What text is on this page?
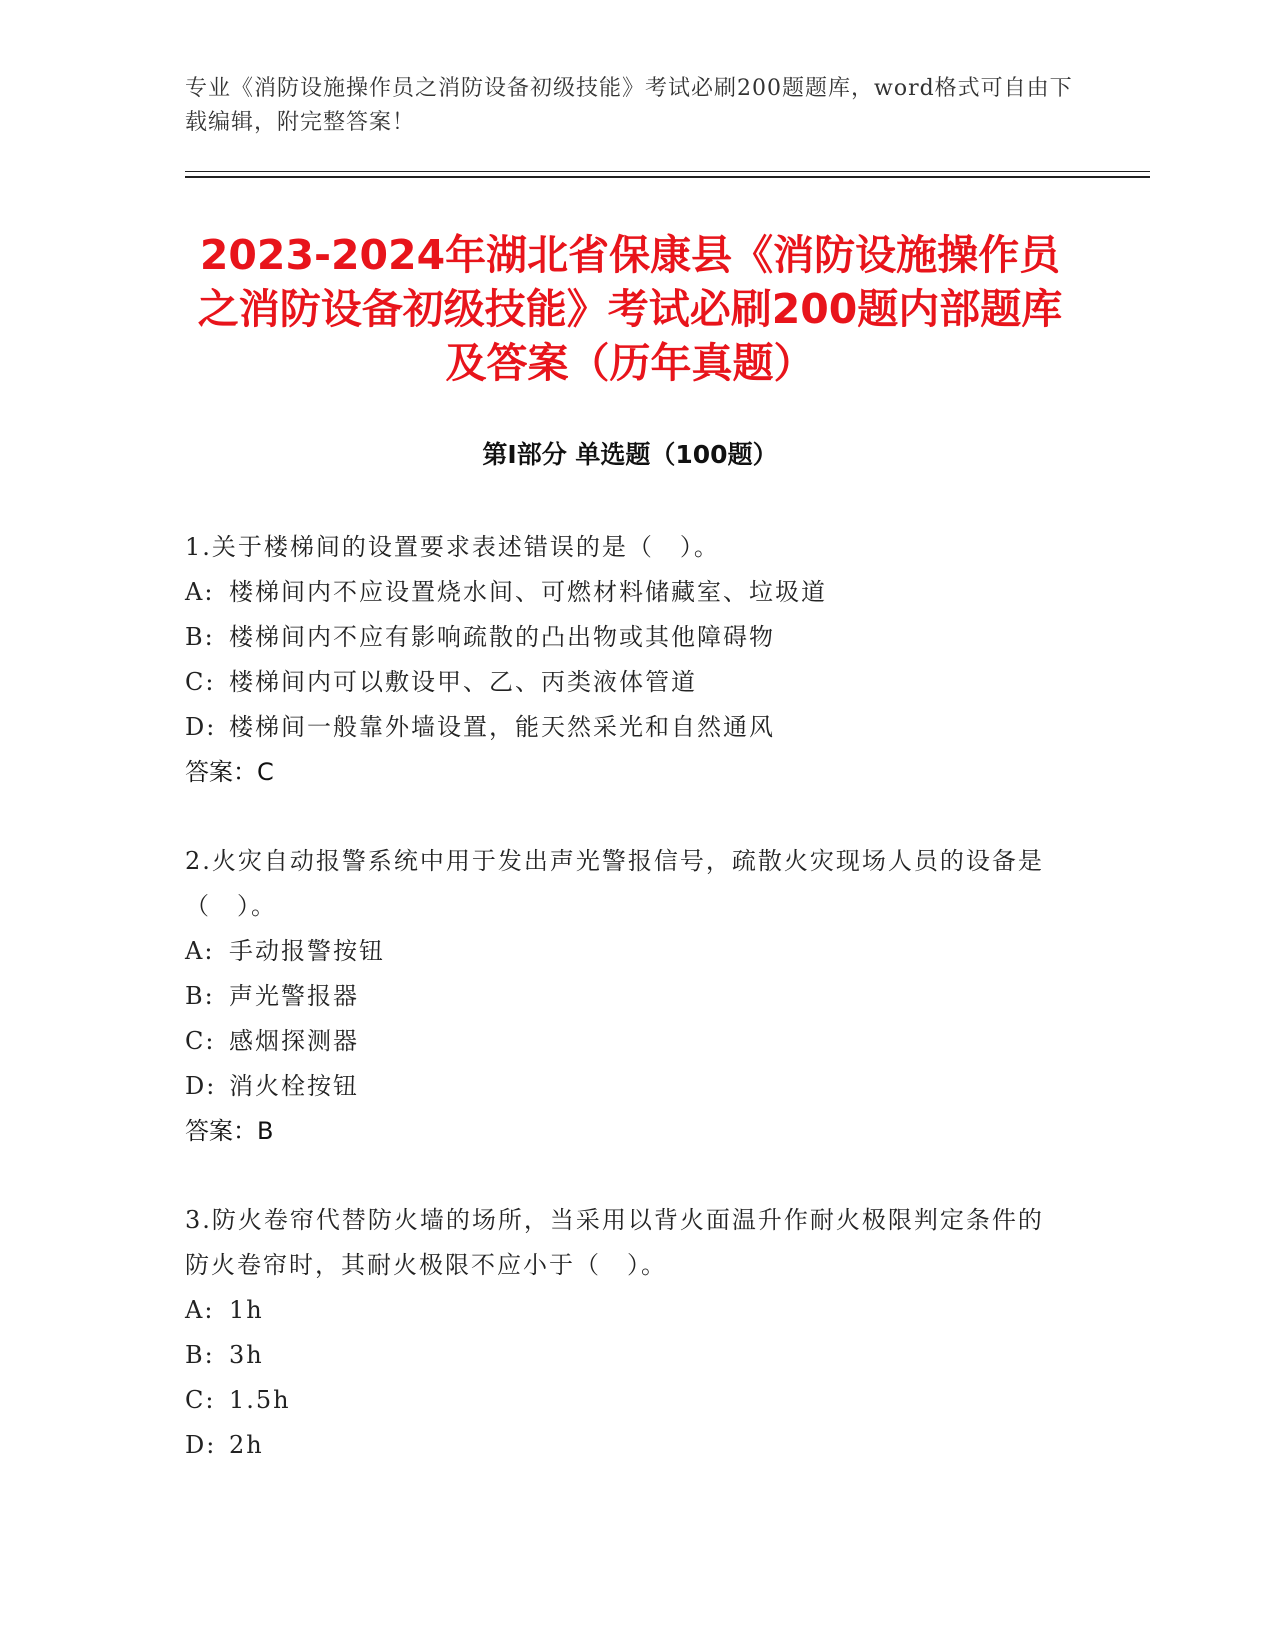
专业《消防设施操作员之消防设备初级技能》考试必刷200题题库，word格式可自由下载编辑，附完整答案！
2023-2024年湖北省保康县《消防设施操作员之消防设备初级技能》考试必刷200题内部题库及答案（历年真题）
第I部分 单选题（100题）

1.关于楼梯间的设置要求表述错误的是（　）。

A: 楼梯间内不应设置烧水间、可燃材料储藏室、垃圾道

B: 楼梯间内不应有影响疏散的凸出物或其他障碍物

C: 楼梯间内可以敷设甲、乙、丙类液体管道

D: 楼梯间一般靠外墙设置，能天然采光和自然通风

答案：C

2.火灾自动报警系统中用于发出声光警报信号，疏散火灾现场人员的设备是（　）。

A: 手动报警按钮

B: 声光警报器

C: 感烟探测器

D: 消火栓按钮

答案：B

3.防火卷帘代替防火墙的场所，当采用以背火面温升作耐火极限判定条件的防火卷帘时，其耐火极限不应小于（　）。

A: 1h

B: 3h

C: 1.5h

D: 2h
